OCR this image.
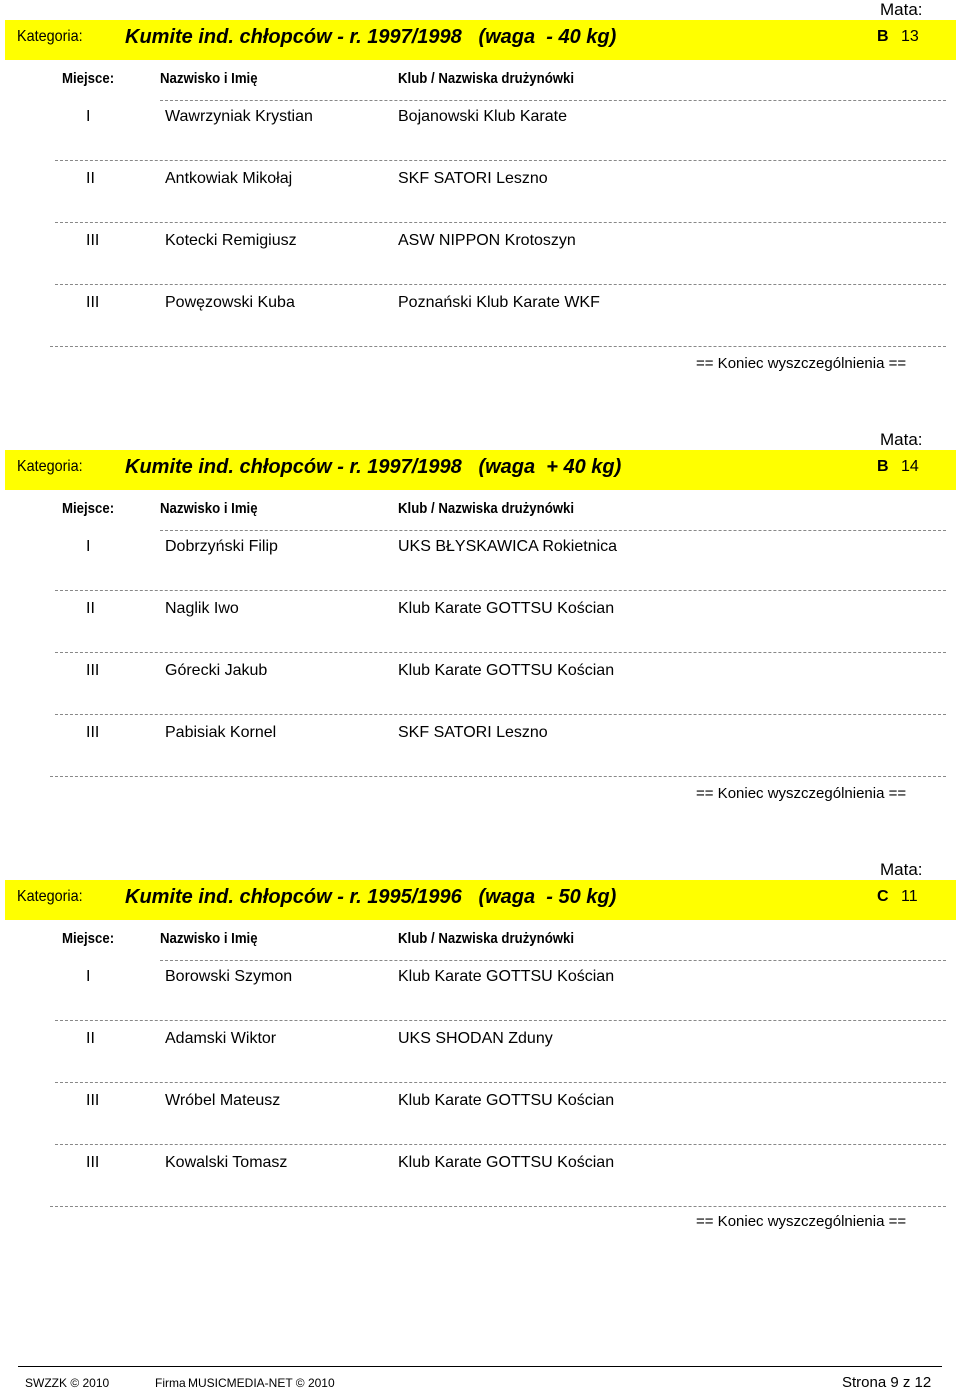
Mata:
Kategoria: Kumite ind. chłopców - r. 1997/1998   (waga  - 40 kg)	B 13
Miejsce:	Nazwisko i Imię	Klub / Nazwiska drużynówki
I	Wawrzyniak Krystian	Bojanowski Klub Karate
II	Antkowiak Mikołaj	SKF SATORI Leszno
III	Kotecki Remigiusz	ASW NIPPON Krotoszyn
III	Powęzowski Kuba	Poznański Klub Karate WKF
== Koniec wyszczególnienia ==
Mata:
Kategoria: Kumite ind. chłopców - r. 1997/1998   (waga  + 40 kg)	B 14
Miejsce:	Nazwisko i Imię	Klub / Nazwiska drużynówki
I	Dobrzyński Filip	UKS BŁYSKAWICA Rokietnica
II	Naglik Iwo	Klub Karate GOTTSU Kościan
III	Górecki Jakub	Klub Karate GOTTSU Kościan
III	Pabisiak Kornel	SKF SATORI Leszno
== Koniec wyszczególnienia ==
Mata:
Kategoria: Kumite ind. chłopców - r. 1995/1996   (waga  - 50 kg)	C 11
Miejsce:	Nazwisko i Imię	Klub / Nazwiska drużynówki
I	Borowski Szymon	Klub Karate GOTTSU Kościan
II	Adamski Wiktor	UKS SHODAN Zduny
III	Wróbel Mateusz	Klub Karate GOTTSU Kościan
III	Kowalski Tomasz	Klub Karate GOTTSU Kościan
== Koniec wyszczególnienia ==
SWZZK © 2010	Firma MUSICMEDIA-NET © 2010	Strona 9 z 12
